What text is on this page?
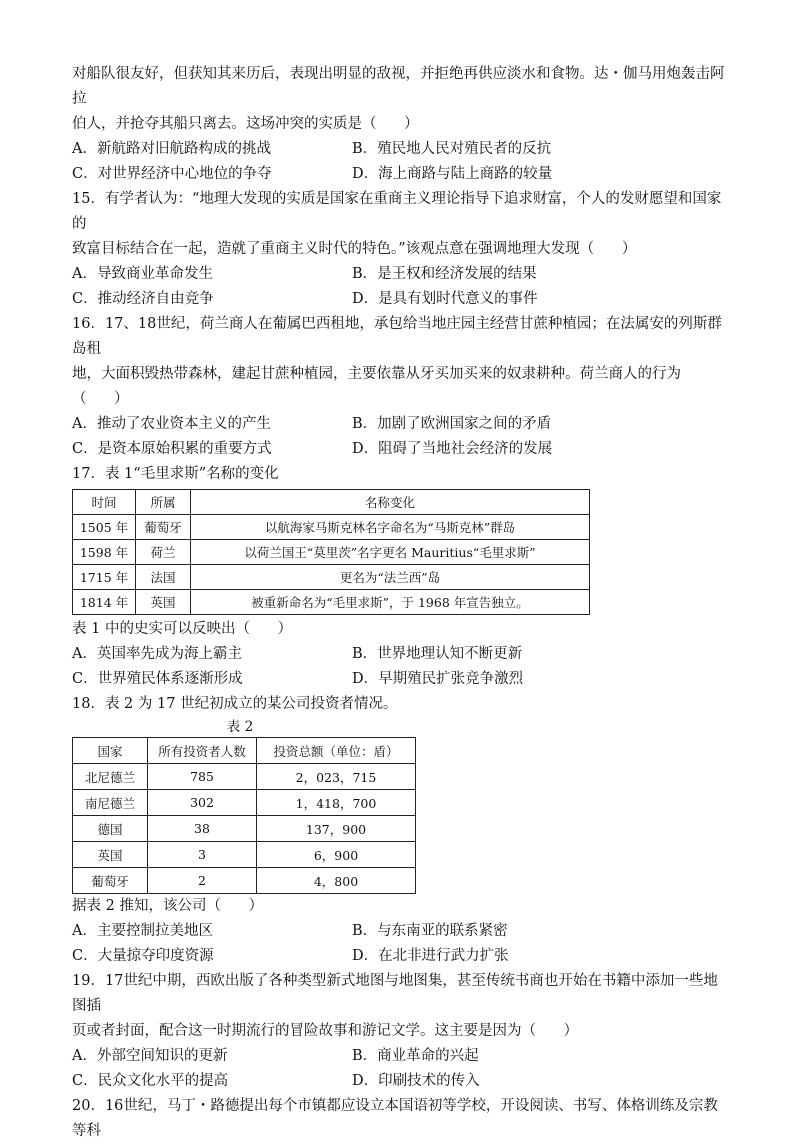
对船队很友好，但获知其来历后，表现出明显的敌视，并拒绝再供应淡水和食物。达・伽马用炮轰击阿拉

伯人，并抢夺其船只离去。这场冲突的实质是（      ）

A．新航路对旧航路构成的挑战	B．殖民地人民对殖民者的反抗
C．对世界经济中心地位的争夺	D．海上商路与陆上商路的较量

15．有学者认为：“地理大发现的实质是国家在重商主义理论指导下追求财富，个人的发财愿望和国家的

致富目标结合在一起，造就了重商主义时代的特色。”该观点意在强调地理大发现（      ）

A．导致商业革命发生	B．是王权和经济发展的结果
C．推动经济自由竞争	D．是具有划时代意义的事件

16．17、18世纪，荷兰商人在葡属巴西租地，承包给当地庄园主经营甘蔗种植园；在法属安的列斯群岛租

地，大面积毁热带森林，建起甘蔗种植园，主要依靠从牙买加买来的奴隶耕种。荷兰商人的行为

（      ）

A．推动了农业资本主义的产生	B．加剧了欧洲国家之间的矛盾
C．是资本原始积累的重要方式	D．阻碍了当地社会经济的发展

17．表 1“毛里求斯”名称的变化

时间	所属	名称变化
1505 年	葡萄牙	以航海家马斯克林名字命名为“马斯克林”群岛
1598 年	荷兰	以荷兰国王“莫里茨”名字更名 Mauritius“毛里求斯”
1715 年	法国	更名为“法兰西”岛
1814 年	英国	被重新命名为“毛里求斯”，于 1968 年宣告独立。

表 1 中的史实可以反映出（      ）

A．英国率先成为海上霸主	B．世界地理认知不断更新
C．世界殖民体系逐渐形成	D．早期殖民扩张竞争激烈

18．表 2 为 17 世纪初成立的某公司投资者情况。

表 2
国家	所有投资者人数	投资总额（单位：盾）
北尼德兰	785	2，023，715
南尼德兰	302	1，418，700
德国	38	137，900
英国	3	6，900
葡萄牙	2	4，800

据表 2 推知，该公司（      ）

A．主要控制拉美地区	B．与东南亚的联系紧密
C．大量掠夺印度资源	D．在北非进行武力扩张

19．17世纪中期，西欧出版了各种类型新式地图与地图集，甚至传统书商也开始在书籍中添加一些地图插

页或者封面，配合这一时期流行的冒险故事和游记文学。这主要是因为（      ）

A．外部空间知识的更新	B．商业革命的兴起
C．民众文化水平的提高	D．印刷技术的传入

20．16世纪，马丁・路德提出每个市镇都应设立本国语初等学校，开设阅读、书写、体格训练及宗教等科
